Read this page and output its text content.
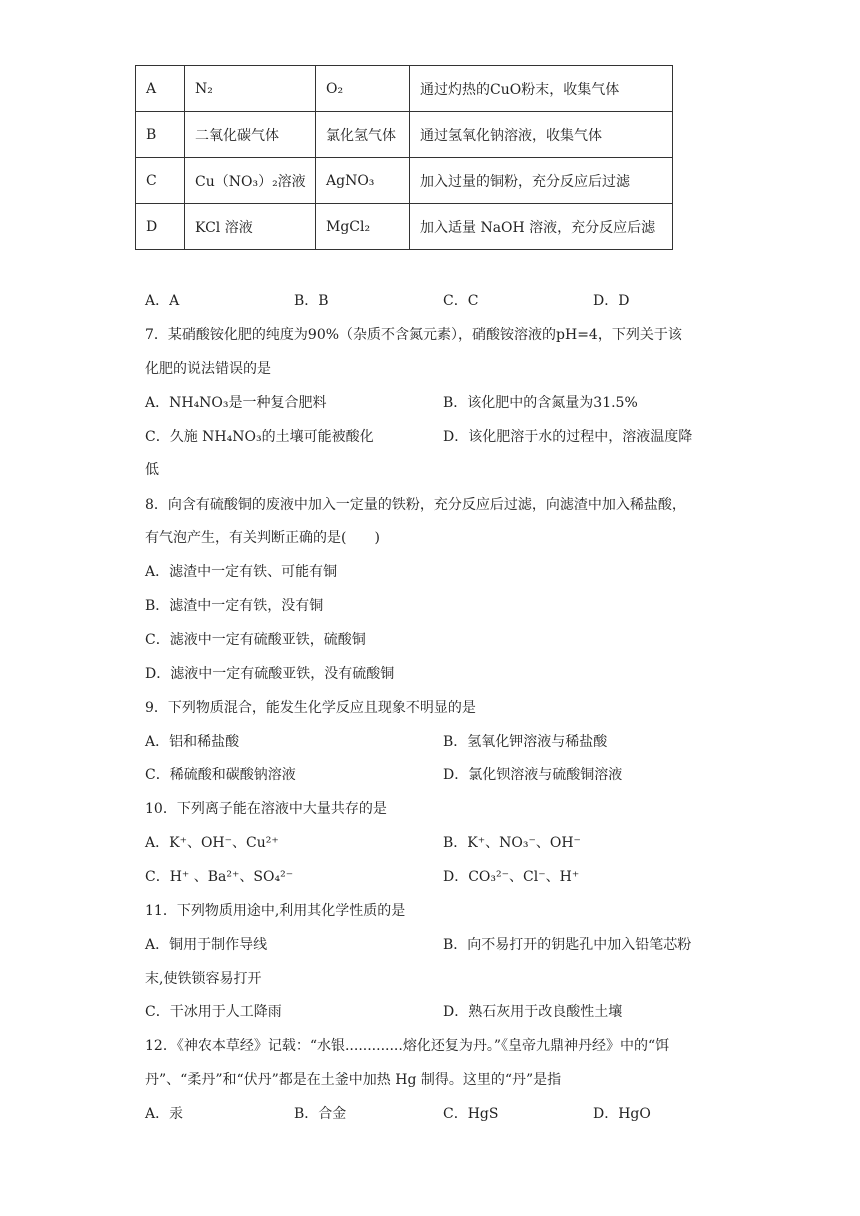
A	N₂	O₂	通过灼热的CuO粉末，收集气体
B	二氧化碳气体	氯化氢气体	通过氢氧化钠溶液，收集气体
C	Cu（NO₃）₂溶液	AgNO₃	加入过量的铜粉，充分反应后过滤
D	KCl 溶液	MgCl₂	加入适量 NaOH 溶液，充分反应后滤
A．A	B．B	C．C	D．D
7．某硝酸铵化肥的纯度为90%（杂质不含氮元素），硝酸铵溶液的pH=4，下列关于该
化肥的说法错误的是
A．NH₄NO₃是一种复合肥料	B．该化肥中的含氮量为31.5%
C．久施 NH₄NO₃的土壤可能被酸化	D．该化肥溶于水的过程中，溶液温度降
低
8．向含有硫酸铜的废液中加入一定量的铁粉，充分反应后过滤，向滤渣中加入稀盐酸，
有气泡产生，有关判断正确的是(　　)
A．滤渣中一定有铁、可能有铜
B．滤渣中一定有铁，没有铜
C．滤液中一定有硫酸亚铁，硫酸铜
D．滤液中一定有硫酸亚铁，没有硫酸铜
9．下列物质混合，能发生化学反应且现象不明显的是
A．铝和稀盐酸	B．氢氧化钾溶液与稀盐酸
C．稀硫酸和碳酸钠溶液	D．氯化钡溶液与硫酸铜溶液
10．下列离子能在溶液中大量共存的是
A．K⁺、OH⁻、Cu²⁺	B．K⁺、NO₃⁻、OH⁻
C．H⁺ 、Ba²⁺、SO₄²⁻	D．CO₃²⁻、Cl⁻、H⁺
11．下列物质用途中,利用其化学性质的是
A．铜用于制作导线	B．向不易打开的钥匙孔中加入铅笔芯粉
末,使铁锁容易打开
C．干冰用于人工降雨	D．熟石灰用于改良酸性土壤
12．《神农本草经》记载：“水银.............熔化还复为丹。”《皇帝九鼎神丹经》中的“饵
丹”、“柔丹”和“伏丹”都是在土釜中加热 Hg 制得。这里的“丹”是指
A．汞	B．合金	C．HgS	D．HgO
